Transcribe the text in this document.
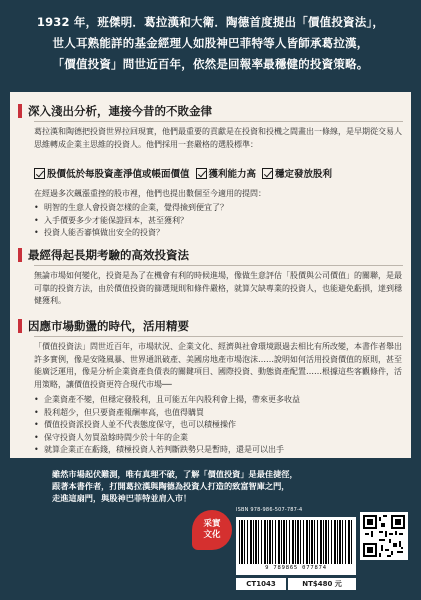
1932 年，班傑明．葛拉漢和大衛．陶德首度提出「價值投資法」，

世人耳熟能詳的基金經理人如股神巴菲特等人皆師承葛拉漢，

「價值投資」問世近百年，依然是回報率最穩健的投資策略。

深入淺出分析，連接今昔的不敗金律
葛拉漢和陶德把投資世界拉回現實，他們最重要的貢獻是在投資和投機之間畫出一條線，是早期從交易人思維轉成企業主思維的投資人。他們採用一套嚴格的選股標準：
股價低於每股資產淨值或帳面價值 獲利能力高 穩定發放股利
在經過多次飆漲重挫的股市裡，他們也提出數個至今適用的提問：
• 明智的生意人會投資怎樣的企業，覺得撿到便宜了？
• 入手價要多少才能保證回本，甚至獲利？
• 投資人能否審慎做出安全的投資？
最經得起長期考驗的高效投資法
無論市場如何變化，投資是為了在機會有利的時候進場，像做生意評估「股價與公司價值」的關聯，是最可靠的投資方法，由於價值投資的篩選規則和條件嚴格，就算欠缺專業的投資人，也能避免虧損，達到穩健獲利。
因應市場動盪的時代，活用精要
「價值投資法」問世近百年，市場狀況、企業文化、經濟與社會環境跟過去相比有所改變，本書作者舉出許多實例，像是安隆風暴、世界通訊破產、美國房地產市場泡沫……說明如何活用投資價值的原則，甚至能廣泛運用，像是分析企業資產負債表的關鍵項目、國際投資、動態資產配置……根據這些客觀條件，活用策略，讓價值投資更符合現代市場──
• 企業資產不變，但穩定發股利，且可能五年內股利會上揚，帶來更多收益
• 股利超少，但只要資產報酬率高，也值得購買
• 價值投資派投資人並不代表態度保守，也可以積極操作
• 保守投資人勿買盈餘時間少於十年的企業
• 就算企業正在虧錢，積極投資人若判斷跌勢只是暫時，還是可以出手
雖然市場起伏難測，唯有真理不破，了解「價值投資」是最佳捷徑，
跟著本書作者，打開葛拉漢與陶德為投資人打造的致富智庫之門，
走進這扇門，與股神巴菲特並肩入市！
采實
文化
ISBN 978-986-507-787-4
9 789865 077874
CT1043	NT$480 元
